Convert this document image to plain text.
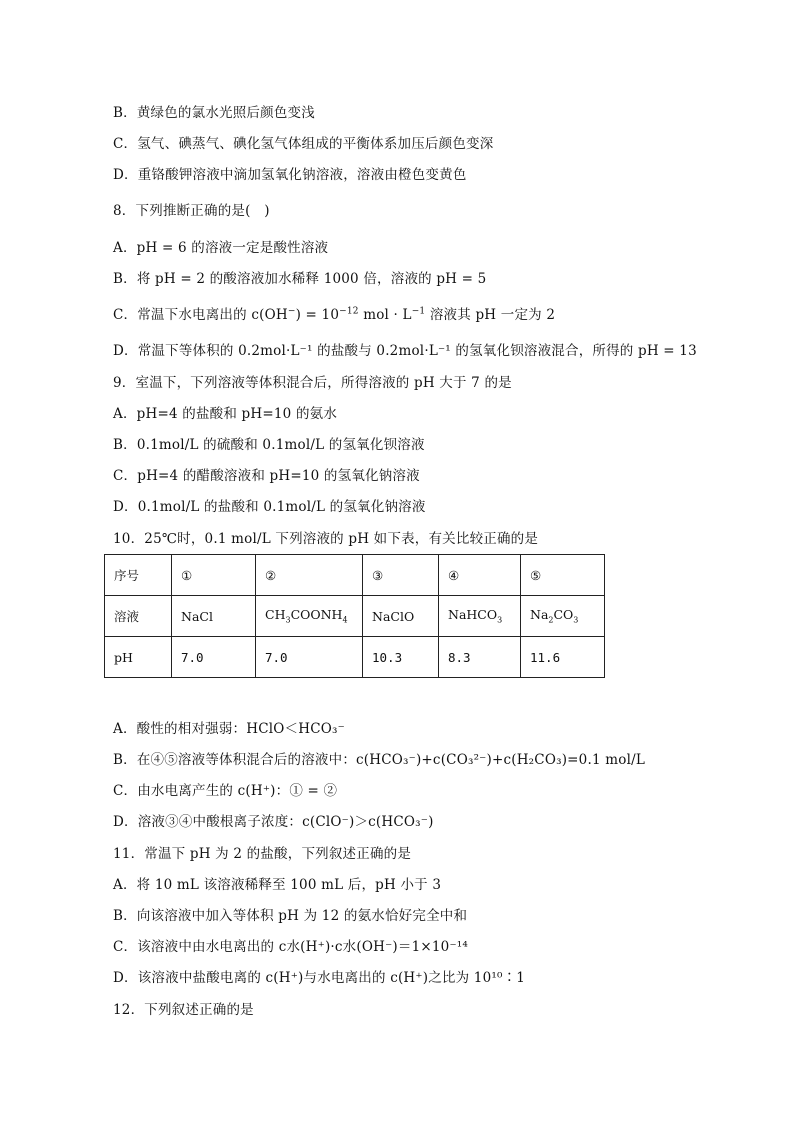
B．黄绿色的氯水光照后颜色变浅
C．氢气、碘蒸气、碘化氢气体组成的平衡体系加压后颜色变深
D．重铬酸钾溶液中滴加氢氧化钠溶液，溶液由橙色变黄色
8．下列推断正确的是(　)
A．pH = 6 的溶液一定是酸性溶液
B．将 pH = 2 的酸溶液加水稀释 1000 倍，溶液的 pH = 5
C．常温下水电离出的 $c(OH^-) = 10^{-12}$ mol · $L^{-1}$ 溶液其 pH 一定为 2
D．常温下等体积的 0.2mol·L⁻¹ 的盐酸与 0.2mol·L⁻¹ 的氢氧化钡溶液混合，所得的 pH = 13
9．室温下，下列溶液等体积混合后，所得溶液的 pH 大于 7 的是
A．pH=4 的盐酸和 pH=10 的氨水
B．0.1mol/L 的硫酸和 0.1mol/L 的氢氧化钡溶液
C．pH=4 的醋酸溶液和 pH=10 的氢氧化钠溶液
D．0.1mol/L 的盐酸和 0.1mol/L 的氢氧化钠溶液
10．25℃时，0.1 mol/L 下列溶液的 pH 如下表，有关比较正确的是
序号	①	②	③	④	⑤
溶液	NaCl	$CH_3COONH_4$	NaClO	NaHCO$_3$	$Na_2CO_3$
pH	7.0	7.0	10.3	8.3	11.6
A．酸性的相对强弱：HClO＜HCO₃⁻
B．在④⑤溶液等体积混合后的溶液中：c(HCO₃⁻)+c(CO₃²⁻)+c(H₂CO₃)=0.1 mol/L
C．由水电离产生的 c(H⁺)：① = ②
D．溶液③④中酸根离子浓度：c(ClO⁻)＞c(HCO₃⁻)
11．常温下 pH 为 2 的盐酸，下列叙述正确的是
A．将 10 mL 该溶液稀释至 100 mL 后，pH 小于 3
B．向该溶液中加入等体积 pH 为 12 的氨水恰好完全中和
C．该溶液中由水电离出的 c水(H⁺)·c水(OH⁻)＝1×10⁻¹⁴
D．该溶液中盐酸电离的 c(H⁺)与水电离出的 c(H⁺)之比为 10¹⁰∶1
12．下列叙述正确的是
